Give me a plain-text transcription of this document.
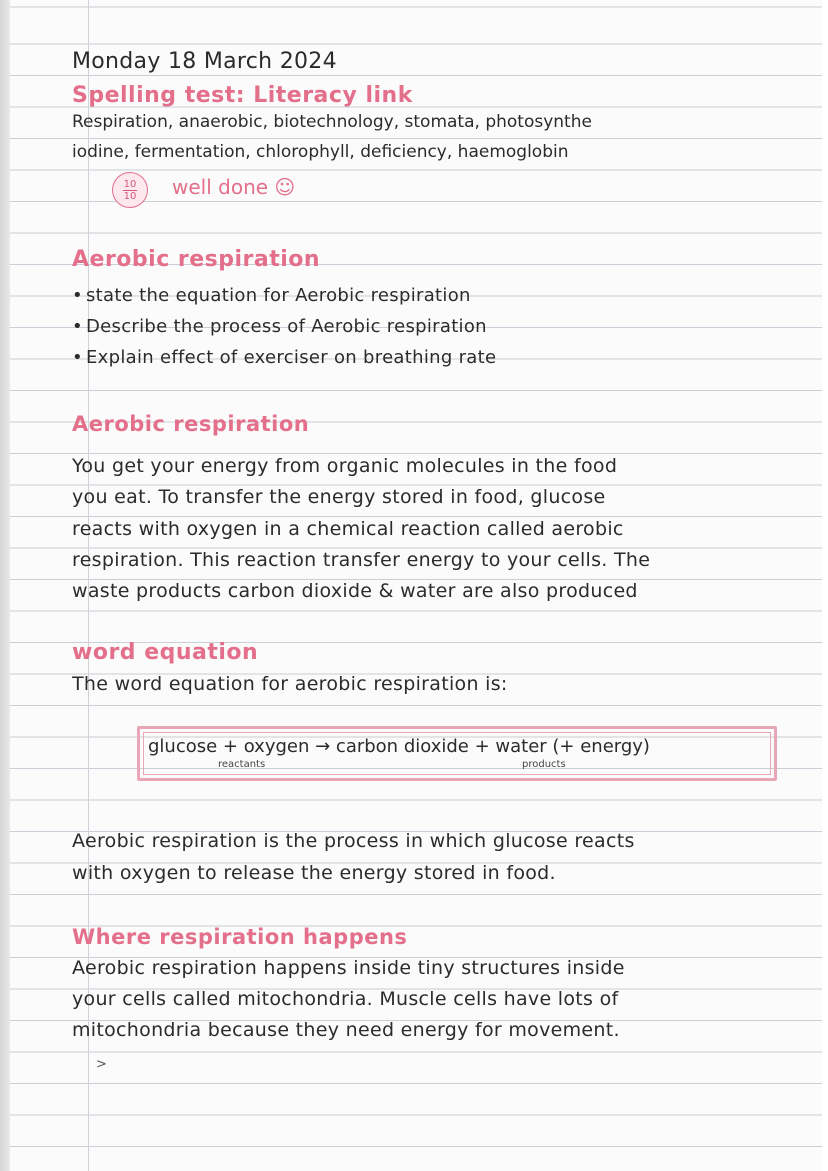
Monday 18 March 2024

Spelling test: Literacy link

Respiration, anaerobic, biotechnology, stomata, photosynthe

iodine, fermentation, chlorophyll, deficiency, haemoglobin

10
10 well done ☺

Aerobic respiration

• state the equation for Aerobic respiration

• Describe the process of Aerobic respiration

• Explain effect of exerciser on breathing rate

Aerobic respiration

You get your energy from organic molecules in the food

you eat. To transfer the energy stored in food, glucose

reacts with oxygen in a chemical reaction called aerobic

respiration. This reaction transfer energy to your cells. The

waste products carbon dioxide & water are also produced

word equation

The word equation for aerobic respiration is:

glucose + oxygen → carbon dioxide + water (+ energy)
reactants	products

Aerobic respiration is the process in which glucose reacts

with oxygen to release the energy stored in food.

Where respiration happens

Aerobic respiration happens inside tiny structures inside

your cells called mitochondria. Muscle cells have lots of

mitochondria because they need energy for movement.

>
